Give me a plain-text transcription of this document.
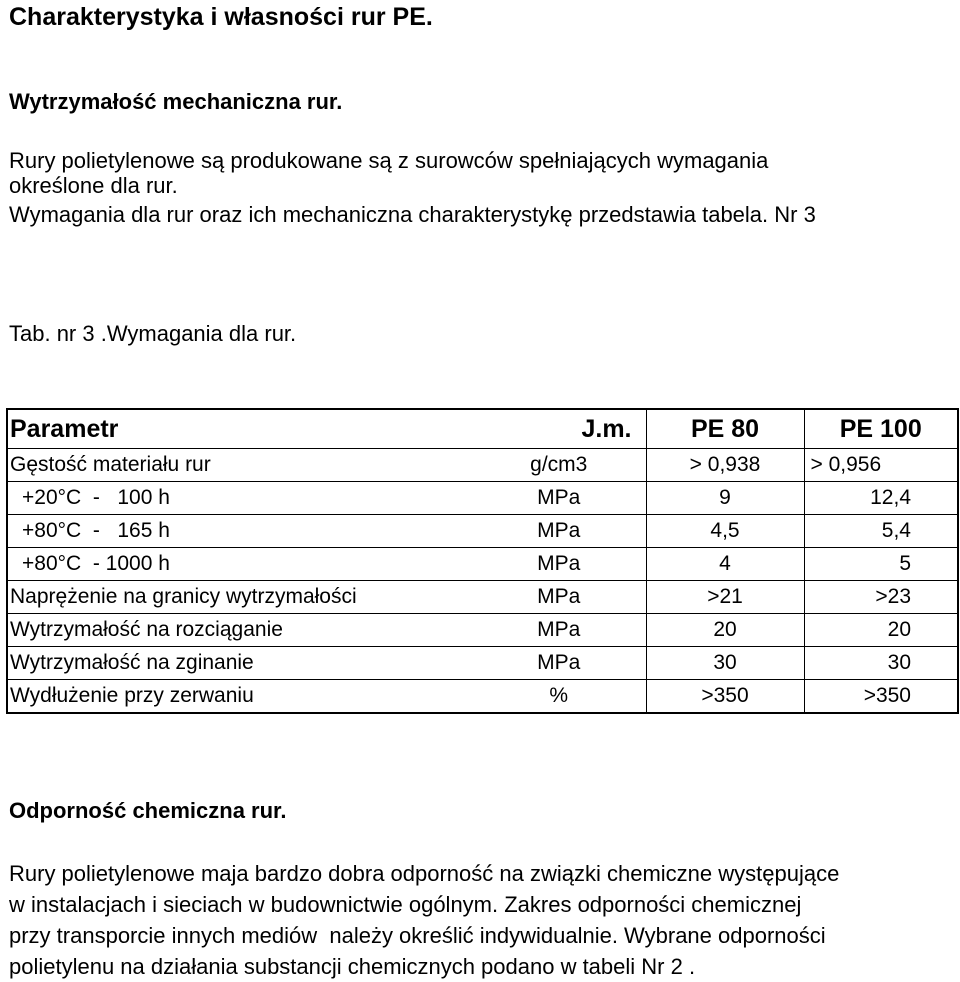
Charakterystyka i własności rur PE.
Wytrzymałość mechaniczna rur.
Rury polietylenowe są produkowane są z surowców spełniających wymagania
określone dla rur.
Wymagania dla rur oraz ich mechaniczna charakterystykę przedstawia tabela. Nr 3
Tab. nr 3 .Wymagania dla rur.
Parametr	J.m.	PE 80	PE 100
Gęstość materiału rur	g/cm3	> 0,938	> 0,956
+20°C  -   100 h	MPa	9	12,4
+80°C  -   165 h	MPa	4,5	5,4
+80°C  - 1000 h	MPa	4	5
Naprężenie na granicy wytrzymałości	MPa	>21	>23
Wytrzymałość na rozciąganie	MPa	20	20
Wytrzymałość na zginanie	MPa	30	30
Wydłużenie przy zerwaniu	%	>350	>350
Odporność chemiczna rur.
Rury polietylenowe maja bardzo dobra odporność na związki chemiczne występujące
w instalacjach i sieciach w budownictwie ogólnym. Zakres odporności chemicznej
przy transporcie innych mediów  należy określić indywidualnie. Wybrane odporności
polietylenu na działania substancji chemicznych podano w tabeli Nr 2 .
